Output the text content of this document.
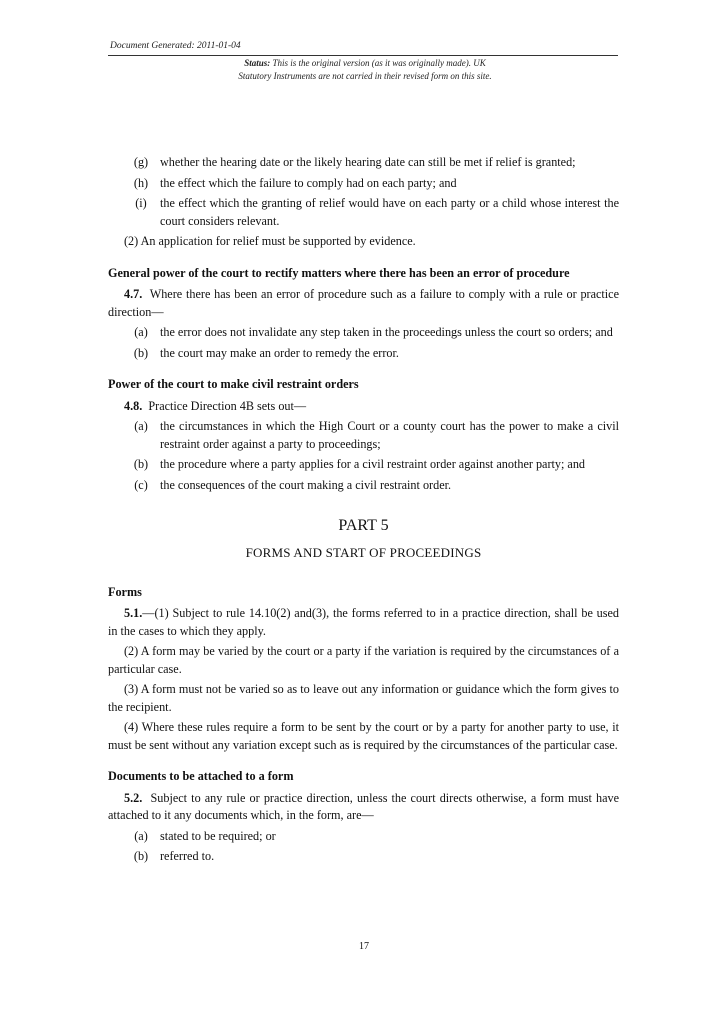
Document Generated: 2011-01-04
Status: This is the original version (as it was originally made). UK
Statutory Instruments are not carried in their revised form on this site.

(g) whether the hearing date or the likely hearing date can still be met if relief is granted;

(h) the effect which the failure to comply had on each party; and

(i)	the effect which the granting of relief would have on each party or a child whose interest the court considers relevant.

(2) An application for relief must be supported by evidence.

General power of the court to rectify matters where there has been an error of procedure

4.7. Where there has been an error of procedure such as a failure to comply with a rule or practice direction—

(a)	the error does not invalidate any step taken in the proceedings unless the court so orders; and

(b) the court may make an order to remedy the error.

Power of the court to make civil restraint orders

4.8. Practice Direction 4B sets out—

(a)	the circumstances in which the High Court or a county court has the power to make a civil restraint order against a party to proceedings;

(b) the procedure where a party applies for a civil restraint order against another party; and

(c)	the consequences of the court making a civil restraint order.

PART 5
FORMS AND START OF PROCEEDINGS

Forms

5.1.—(1) Subject to rule 14.10(2) and(3), the forms referred to in a practice direction, shall be used in the cases to which they apply.

(2) A form may be varied by the court or a party if the variation is required by the circumstances of a particular case.

(3) A form must not be varied so as to leave out any information or guidance which the form gives to the recipient.

(4) Where these rules require a form to be sent by the court or by a party for another party to use, it must be sent without any variation except such as is required by the circumstances of the particular case.

Documents to be attached to a form

5.2. Subject to any rule or practice direction, unless the court directs otherwise, a form must have attached to it any documents which, in the form, are—

(a)	stated to be required; or

(b) referred to.

17
